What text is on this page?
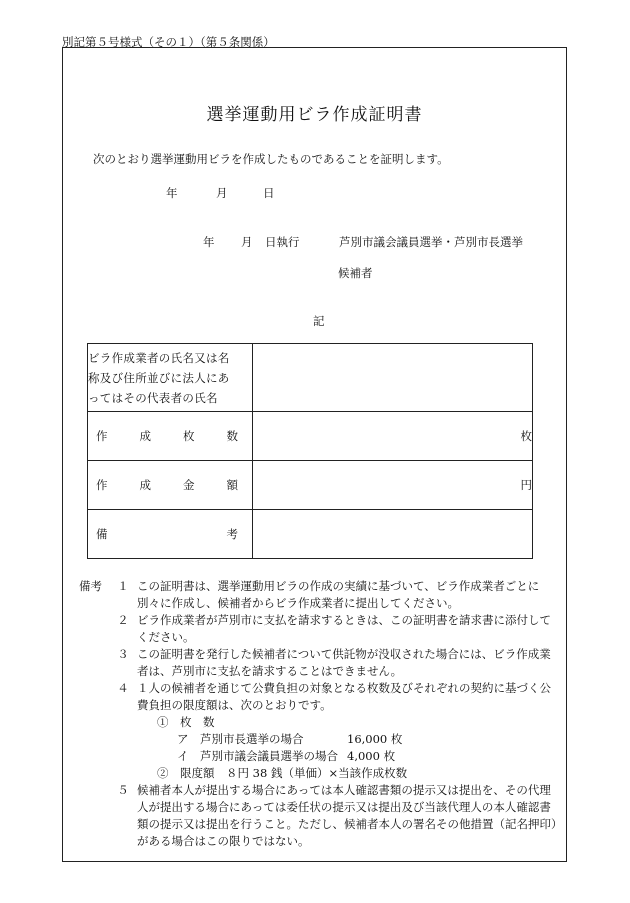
別記第５号様式（その１）（第５条関係）
選挙運動用ビラ作成証明書
次のとおり選挙運動用ビラを作成したものであることを証明します。
年	月	日
年 月 日執行	芦別市議会議員選挙・芦別市長選挙
候補者
記
ビラ作成業者の氏名又は名
称及び住所並びに法人にあ
ってはその代表者の氏名	

作 成 枚 数	枚

作 成 金 額	円

備 考	

備考	１ この証明書は、選挙運動用ビラの作成の実績に基づいて、ビラ作成業者ごとに別々に作成し、候補者からビラ作成業者に提出してください。
２ ビラ作成業者が芦別市に支払を請求するときは、この証明書を請求書に添付してください。
３ この証明書を発行した候補者について供託物が没収された場合には、ビラ作成業者は、芦別市に支払を請求することはできません。
４ １人の候補者を通じて公費負担の対象となる枚数及びそれぞれの契約に基づく公費負担の限度額は、次のとおりです。
①　枚　数
ア　芦別市長選挙の場合	16,000 枚
イ　芦別市議会議員選挙の場合 4,000 枚
②　限度額　８円 38 銭（単価）×当該作成枚数
５ 候補者本人が提出する場合にあっては本人確認書類の提示又は提出を、その代理人が提出する場合にあっては委任状の提示又は提出及び当該代理人の本人確認書類の提示又は提出を行うこと。ただし、候補者本人の署名その他措置（記名押印）がある場合はこの限りではない。
